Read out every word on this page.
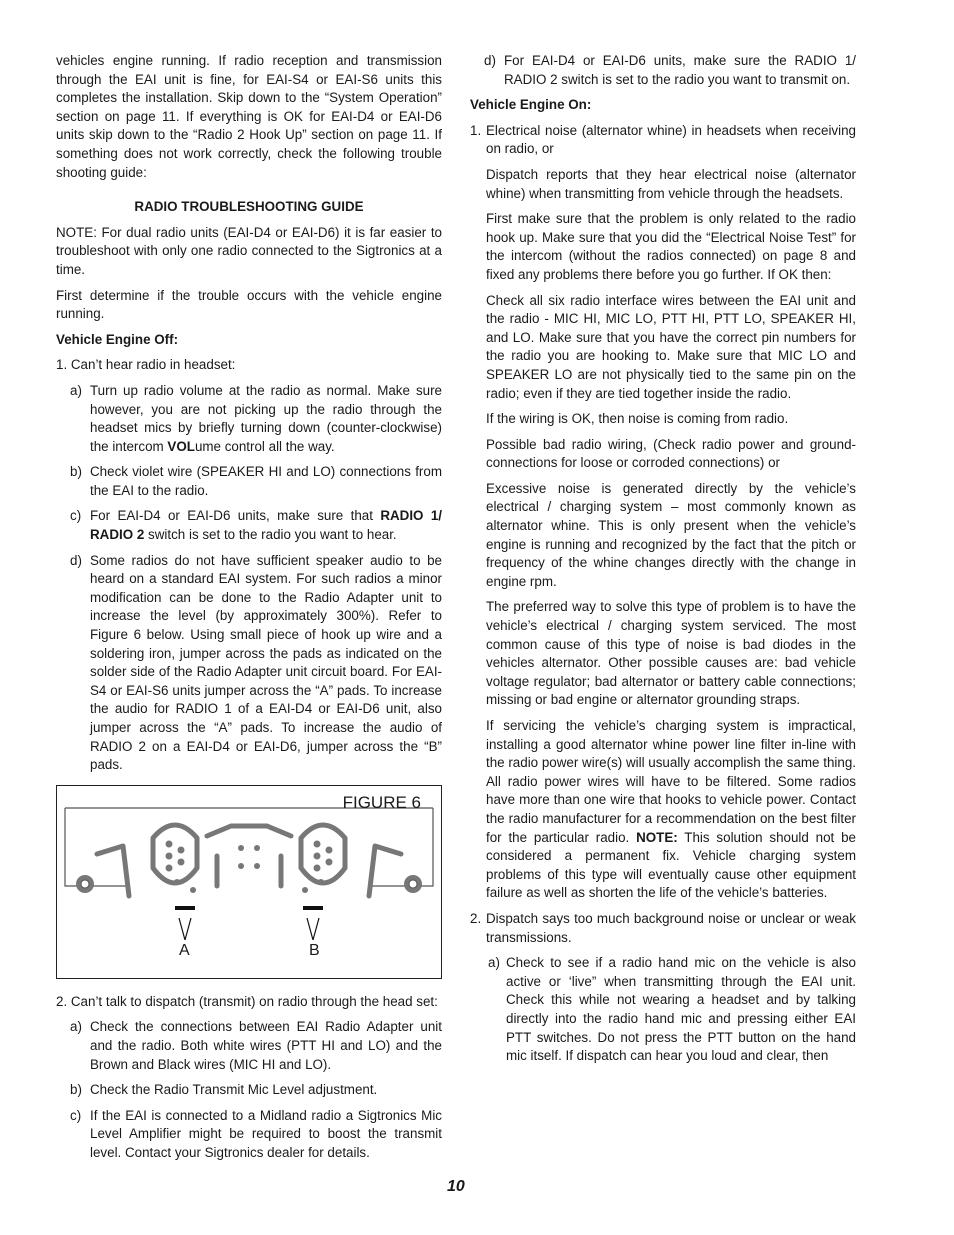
vehicles engine running. If radio reception and transmission through the EAI unit is fine, for EAI-S4 or EAI-S6 units this completes the installation. Skip down to the “System Operation” section on page 11. If everything is OK for EAI-D4 or EAI-D6 units skip down to the “Radio 2 Hook Up” section on page 11. If something does not work correctly, check the following trouble shooting guide:

RADIO TROUBLESHOOTING GUIDE

NOTE: For dual radio units (EAI-D4 or EAI-D6) it is far easier to troubleshoot with only one radio connected to the Sigtronics at a time.

First determine if the trouble occurs with the vehicle engine running.

Vehicle Engine Off:

1. Can’t hear radio in headset:

a) Turn up radio volume at the radio as normal. Make sure however, you are not picking up the radio through the headset mics by briefly turning down (counter-clockwise) the intercom VOLume control all the way.
b) Check violet wire (SPEAKER HI and LO) connections from the EAI to the radio.
c) For EAI-D4 or EAI-D6 units, make sure that RADIO 1/ RADIO 2 switch is set to the radio you want to hear.
d) Some radios do not have sufficient speaker audio to be heard on a standard EAI system. For such radios a minor modification can be done to the Radio Adapter unit to increase the level (by approximately 300%). Refer to Figure 6 below. Using small piece of hook up wire and a soldering iron, jumper across the pads as indicated on the solder side of the Radio Adapter unit circuit board. For EAI-S4 or EAI-S6 units jumper across the “A” pads. To increase the audio for RADIO 1 of a EAI-D4 or EAI-D6 unit, also jumper across the “A” pads. To increase the audio of RADIO 2 on a EAI-D4 or EAI-D6, jumper across the “B” pads.
FIGURE 6
A	B

2. Can’t talk to dispatch (transmit) on radio through the head set:

a) Check the connections between EAI Radio Adapter unit and the radio. Both white wires (PTT HI and LO) and the Brown and Black wires (MIC HI and LO).
b) Check the Radio Transmit Mic Level adjustment.
c) If the EAI is connected to a Midland radio a Sigtronics Mic Level Amplifier might be required to boost the transmit level. Contact your Sigtronics dealer for details.
d) For EAI-D4 or EAI-D6 units, make sure the RADIO 1/ RADIO 2 switch is set to the radio you want to transmit on.

Vehicle Engine On:

1. Electrical noise (alternator whine) in headsets when receiving on radio, or

Dispatch reports that they hear electrical noise (alternator whine) when transmitting from vehicle through the headsets.

First make sure that the problem is only related to the radio hook up. Make sure that you did the “Electrical Noise Test” for the intercom (without the radios connected) on page 8 and fixed any problems there before you go further. If OK then:

Check all six radio interface wires between the EAI unit and the radio - MIC HI, MIC LO, PTT HI, PTT LO, SPEAKER HI, and LO. Make sure that you have the correct pin numbers for the radio you are hooking to. Make sure that MIC LO and SPEAKER LO are not physically tied to the same pin on the radio; even if they are tied together inside the radio.

If the wiring is OK, then noise is coming from radio.

Possible bad radio wiring, (Check radio power and ground-connections for loose or corroded connections) or

Excessive noise is generated directly by the vehicle’s electrical / charging system – most commonly known as alternator whine. This is only present when the vehicle’s engine is running and recognized by the fact that the pitch or frequency of the whine changes directly with the change in engine rpm.

The preferred way to solve this type of problem is to have the vehicle’s electrical / charging system serviced. The most common cause of this type of noise is bad diodes in the vehicles alternator. Other possible causes are: bad vehicle voltage regulator; bad alternator or battery cable connections; missing or bad engine or alternator grounding straps.

If servicing the vehicle’s charging system is impractical, installing a good alternator whine power line filter in-line with the radio power wire(s) will usually accomplish the same thing. All radio power wires will have to be filtered. Some radios have more than one wire that hooks to vehicle power. Contact the radio manufacturer for a recommendation on the best filter for the particular radio. NOTE: This solution should not be considered a permanent fix. Vehicle charging system problems of this type will eventually cause other equipment failure as well as shorten the life of the vehicle’s batteries.

2. Dispatch says too much background noise or unclear or weak transmissions.
a) Check to see if a radio hand mic on the vehicle is also active or ‘live” when transmitting through the EAI unit. Check this while not wearing a headset and by talking directly into the radio hand mic and pressing either EAI PTT switches. Do not press the PTT button on the hand mic itself. If dispatch can hear you loud and clear, then
10
